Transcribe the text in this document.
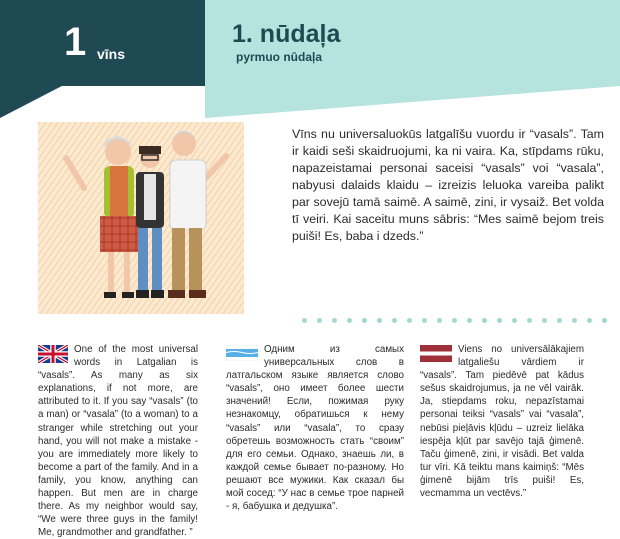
1 vīns
1. nūdaļa
pyrmuo nūdaļa
Vīns nu universaluokūs latgalīšu vuordu ir “vasals”. Tam ir kaidi seši skaidruojumi, ka ni vaira. Ka, stīpdams rūku, napazeistamai personai saceisi “vasals” voi “vasala”, nabyusi dalaids klaidu – izreizis leluoka vareiba palikt par sovejū tamā saimē. A saimē, zini, ir vysaiž. Bet volda tī veiri. Kai saceitu muns sābris: “Mes saimē bejom treis puiši! Es, baba i dzeds.”
One of the most universal words in Latgalian is “vasals”. As many as six explanations, if not more, are attributed to it. If you say “vasals” (to a man) or “vasala” (to a woman) to a stranger while stretching out your hand, you will not make a mistake - you are immediately more likely to become a part of the family. And in a family, you know, anything can happen. But men are in charge there. As my neighbor would say, “We were three guys in the family! Me, grandmother and grandfather. ”
Одним из самых универсальных слов в латгальском языке является слово “vasals”, оно имеет более шести значений! Если, пожимая руку незнакомцу, обратишься к нему “vasals” или “vasala”, то сразу обретешь возможность стать “своим” для его семьи. Однако, знаешь ли, в каждой семье бывает по-разному. Но решают все мужики. Как сказал бы мой сосед: “У нас в семье трое парней - я, бабушка и дедушка”.
Viens no universālākajiem latgaliešu vārdiem ir “vasals”. Tam piedēvē pat kādus sešus skaidrojumus, ja ne vēl vairāk. Ja, stiepdams roku, nepazīstamai personai teiksi “vasals” vai “vasala”, nebūsi pieļāvis kļūdu – uzreiz lielāka iespēja kļūt par savējo tajā ģimenē. Taču ģimenē, zini, ir visādi. Bet valda tur vīri. Kā teiktu mans kaimiņš: “Mēs ģimenē bijām trīs puiši! Es, vecmamma un vectēvs.”
